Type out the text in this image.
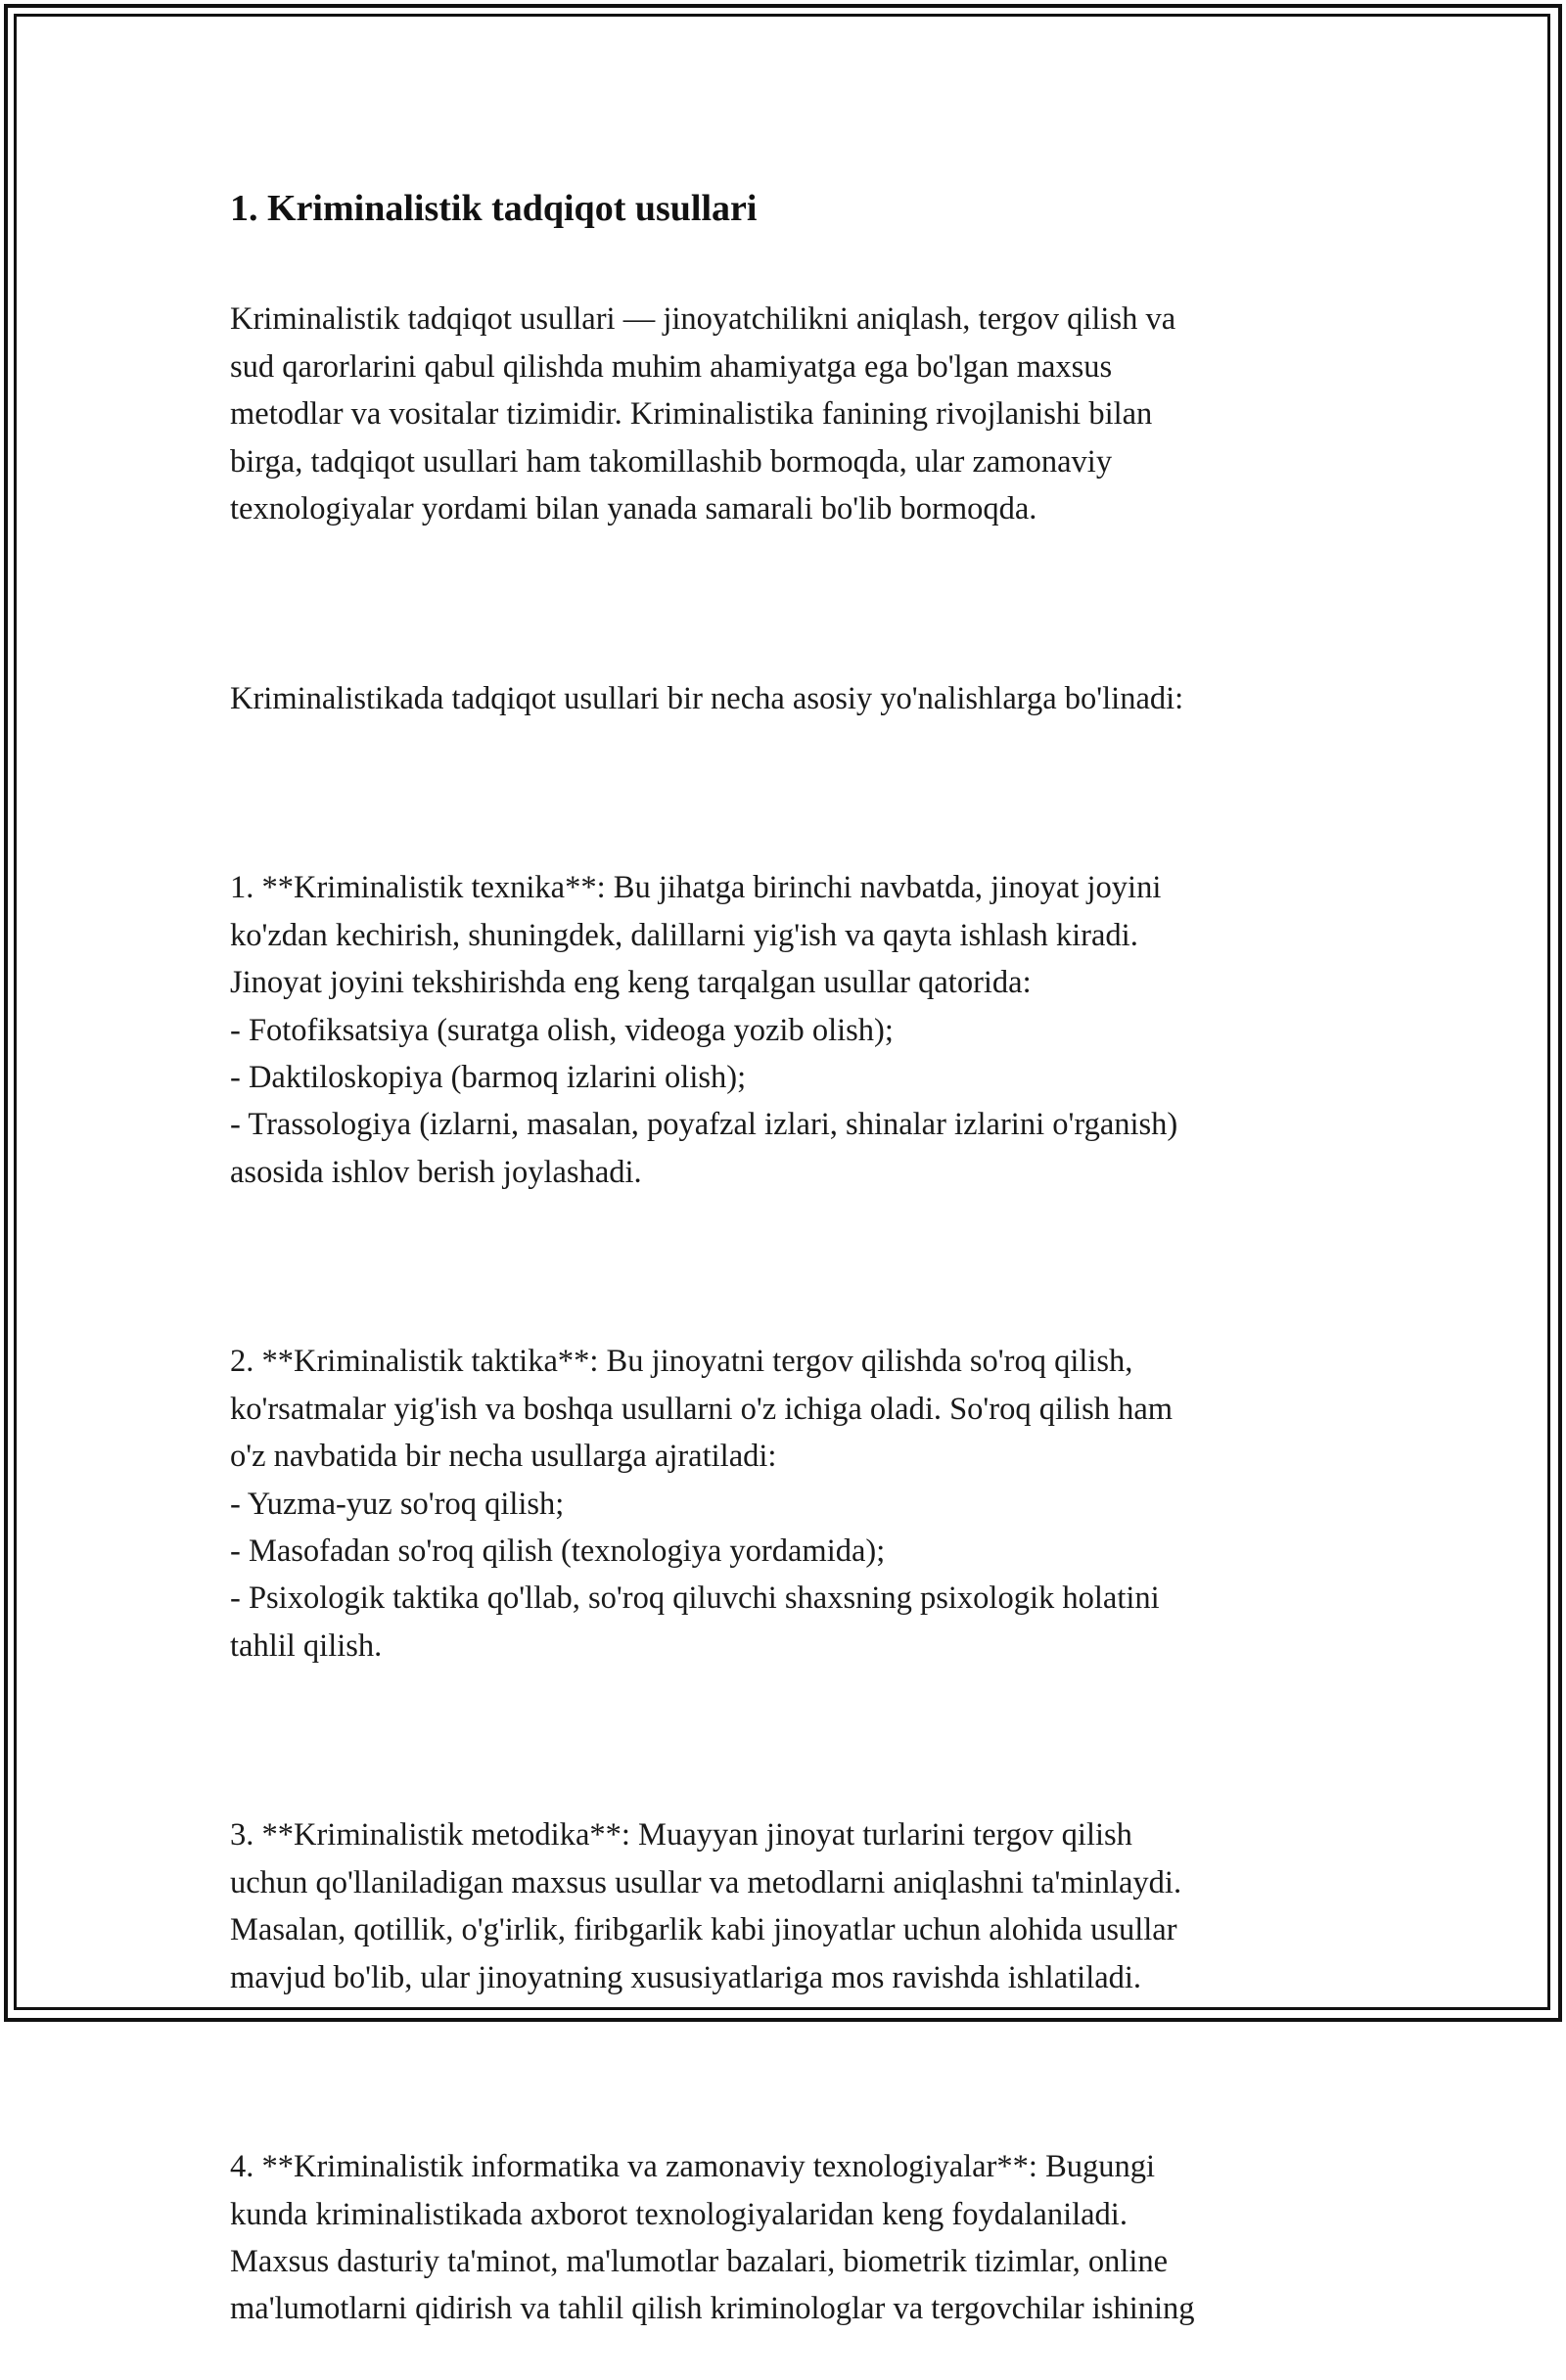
1. Kriminalistik tadqiqot usullari

Kriminalistik tadqiqot usullari — jinoyatchilikni aniqlash, tergov qilish va
sud qarorlarini qabul qilishda muhim ahamiyatga ega bo'lgan maxsus
metodlar va vositalar tizimidir. Kriminalistika fanining rivojlanishi bilan
birga, tadqiqot usullari ham takomillashib bormoqda, ular zamonaviy
texnologiyalar yordami bilan yanada samarali bo'lib bormoqda.

Kriminalistikada tadqiqot usullari bir necha asosiy yo'nalishlarga bo'linadi:

1. **Kriminalistik texnika**: Bu jihatga birinchi navbatda, jinoyat joyini
ko'zdan kechirish, shuningdek, dalillarni yig'ish va qayta ishlash kiradi.
Jinoyat joyini tekshirishda eng keng tarqalgan usullar qatorida:
- Fotofiksatsiya (suratga olish, videoga yozib olish);
- Daktiloskopiya (barmoq izlarini olish);
- Trassologiya (izlarni, masalan, poyafzal izlari, shinalar izlarini o'rganish)
asosida ishlov berish joylashadi.

2. **Kriminalistik taktika**: Bu jinoyatni tergov qilishda so'roq qilish,
ko'rsatmalar yig'ish va boshqa usullarni o'z ichiga oladi. So'roq qilish ham
o'z navbatida bir necha usullarga ajratiladi:
- Yuzma-yuz so'roq qilish;
- Masofadan so'roq qilish (texnologiya yordamida);
- Psixologik taktika qo'llab, so'roq qiluvchi shaxsning psixologik holatini
tahlil qilish.

3. **Kriminalistik metodika**: Muayyan jinoyat turlarini tergov qilish
uchun qo'llaniladigan maxsus usullar va metodlarni aniqlashni ta'minlaydi.
Masalan, qotillik, o'g'irlik, firibgarlik kabi jinoyatlar uchun alohida usullar
mavjud bo'lib, ular jinoyatning xususiyatlariga mos ravishda ishlatiladi.

4. **Kriminalistik informatika va zamonaviy texnologiyalar**: Bugungi
kunda kriminalistikada axborot texnologiyalaridan keng foydalaniladi.
Maxsus dasturiy ta'minot, ma'lumotlar bazalari, biometrik tizimlar, online
ma'lumotlarni qidirish va tahlil qilish kriminologlar va tergovchilar ishining
